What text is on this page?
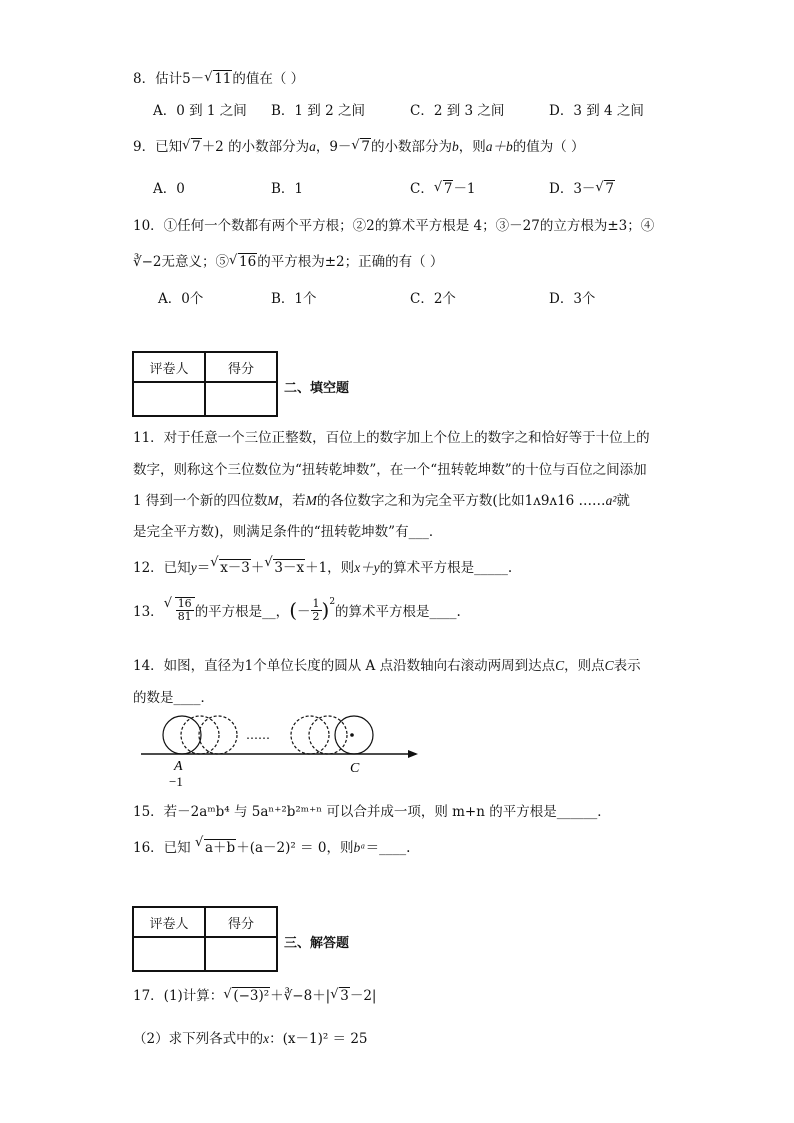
8．估计5－ √ 11的值在（ ）
A．0 到 1 之间 B．1 到 2 之间	C．2 到 3 之间	D．3 到 4 之间
9．已知 √ 7＋2 的小数部分为a，9－ √ 7的小数部分为b，则a＋b的值为（ ）
A．0	B．1	C． √ 7－1	D．3－ √ 7
10．①任何一个数都有两个平方根；②2的算术平方根是 4；③－27的立方根为±3；④
∛−2无意义；⑤ √ 16的平方根为±2；正确的有（ ）
A．0个	B．1个	C．2个	D．3个
评卷人	得分

二、填空题
11．对于任意一个三位正整数，百位上的数字加上个位上的数字之和恰好等于十位上的
数字，则称这个三位数位为“扭转乾坤数”，在一个“扭转乾坤数”的十位与百位之间添加
1 得到一个新的四位数M，若M的各位数字之和为完全平方数(比如1ʌ9ʌ16 ……a²就
是完全平方数)，则满足条件的“扭转乾坤数”有___．
12．已知y＝ √ x－3＋ √ 3－x＋1，则x＋y的算术平方根是_____.
13． √ $\frac{16}{81}$ 的平方根是__，(－ $\frac{1}{2} )^2$的算术平方根是____.
14．如图，直径为1个单位长度的圆从 A 点沿数轴向右滚动两周到达点C，则点C表示
的数是____．
……
A
−1
C
15．若－2aᵐb⁴ 与 5aⁿ⁺²b²ᵐ⁺ⁿ 可以合并成一项，则 m+n 的平方根是______．
16．已知 √ a＋b＋(a－2)² ＝ 0，则bᵃ＝____.
评卷人	得分

三、解答题
17．(1)计算： √ (−3)²＋∛−8＋| √ 3－2|
（2）求下列各式中的x：(x－1)² ＝ 25
